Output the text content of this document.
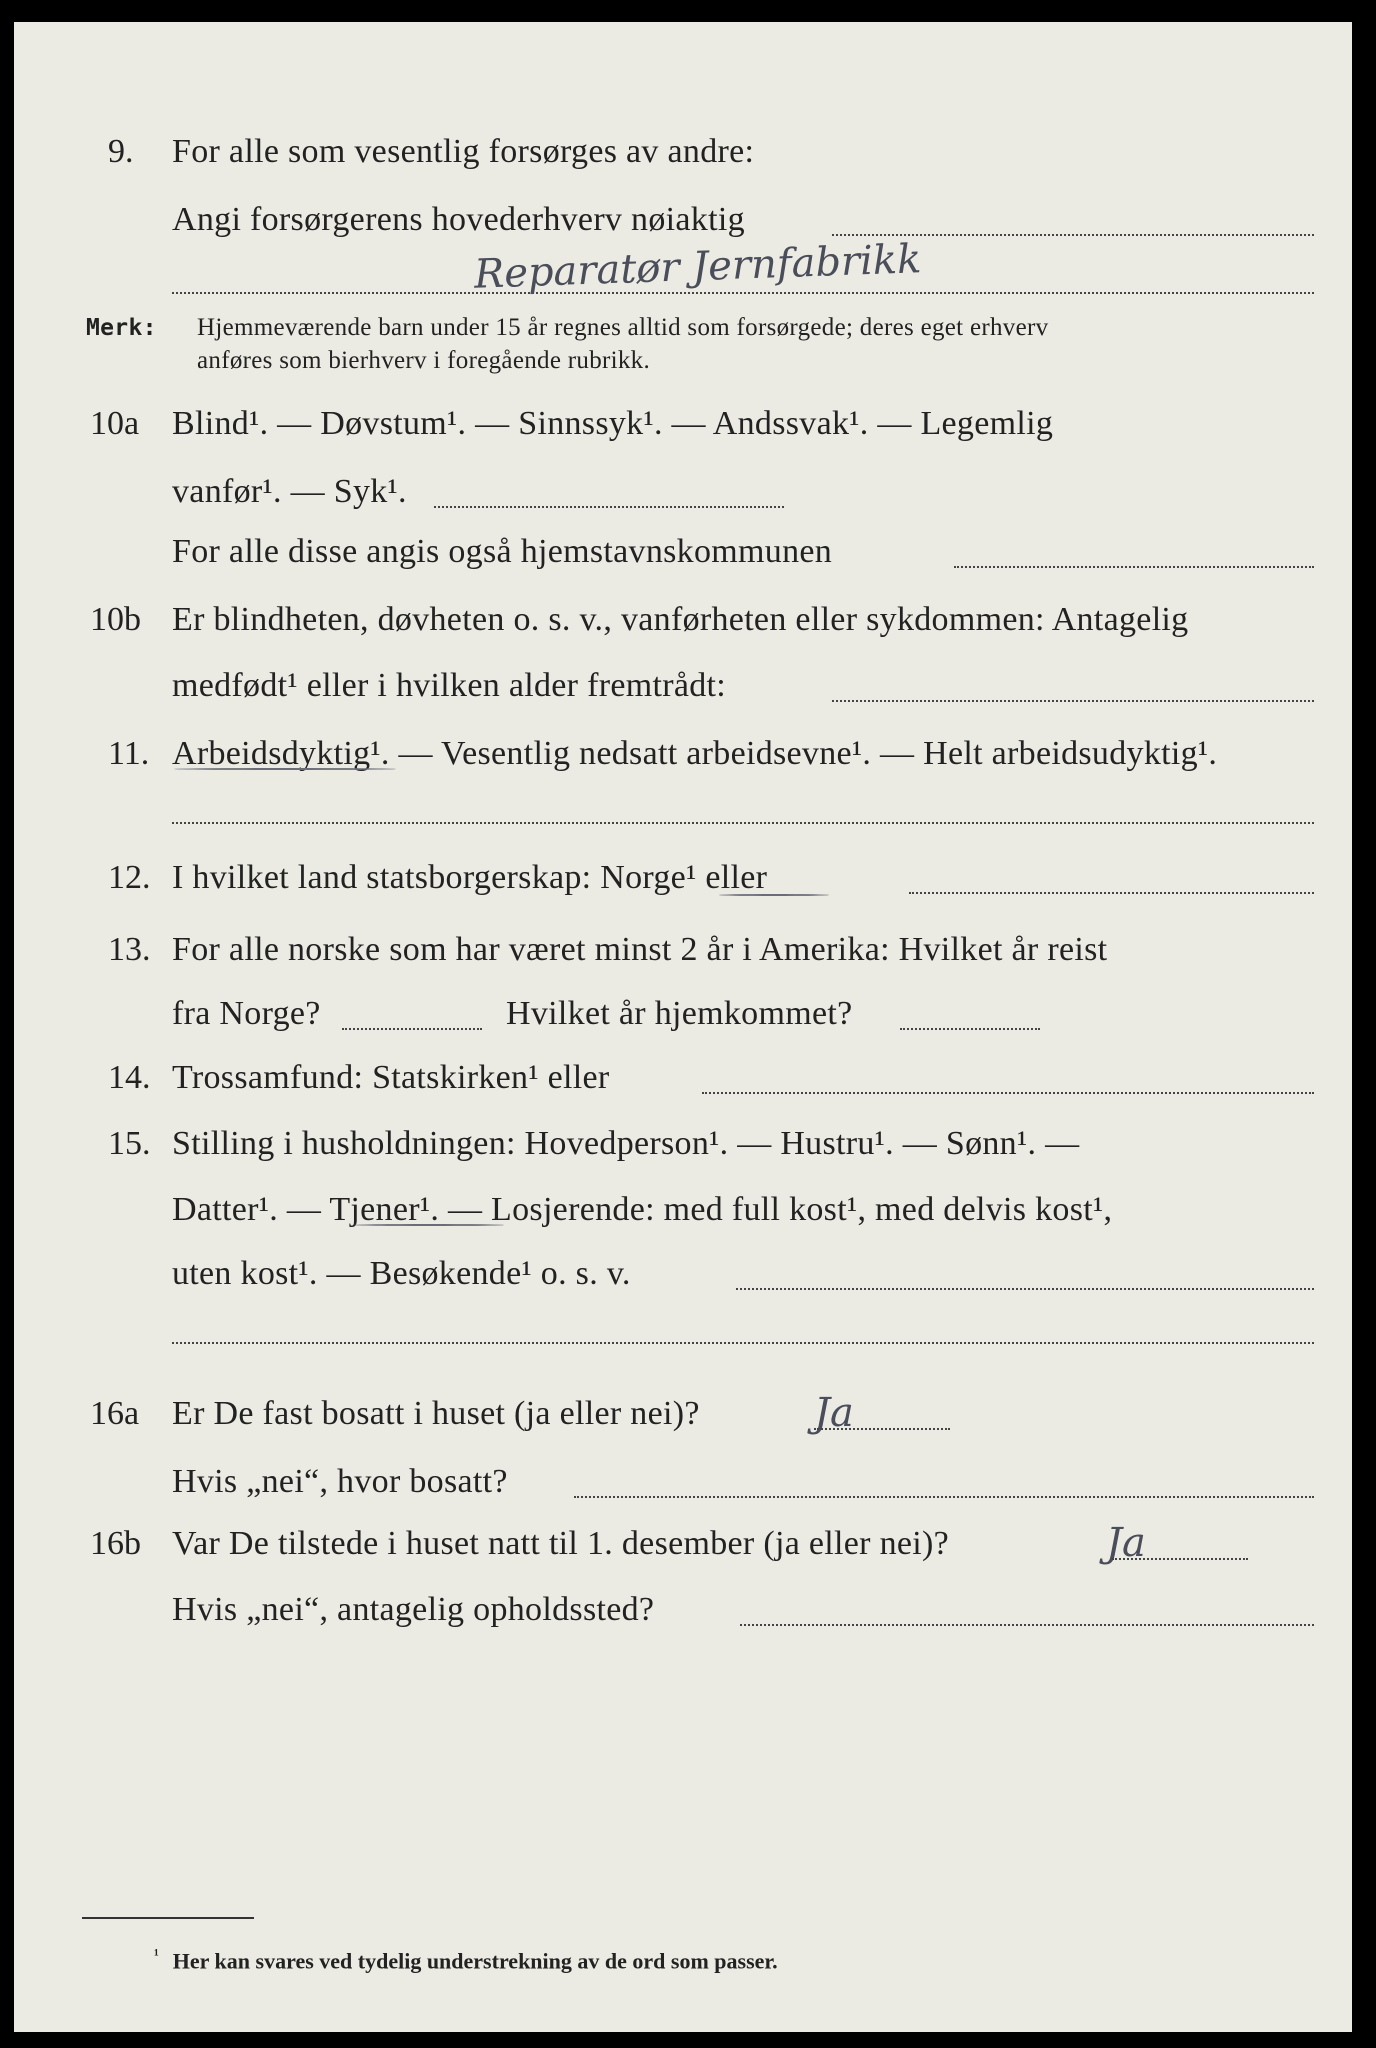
9. For alle som vesentlig forsørges av andre:
Angi forsørgerens hovederhverv nøiaktig
Reparatør Jernfabrikk
Merk: Hjemmeværende barn under 15 år regnes alltid som forsørgede; deres eget erhverv
anføres som bierhverv i foregående rubrikk.
10a Blind¹. — Døvstum¹. — Sinnssyk¹. — Andssvak¹. — Legemlig
vanfør¹. — Syk¹.
For alle disse angis også hjemstavnskommunen
10b Er blindheten, døvheten o. s. v., vanførheten eller sykdommen: Antagelig
medfødt¹ eller i hvilken alder fremtrådt:
11. Arbeidsdyktig¹. — Vesentlig nedsatt arbeidsevne¹. — Helt arbeidsudyktig¹.
12. I hvilket land statsborgerskap: Norge¹ eller
13. For alle norske som har været minst 2 år i Amerika: Hvilket år reist
fra Norge?	Hvilket år hjemkommet?
14. Trossamfund: Statskirken¹ eller
15. Stilling i husholdningen: Hovedperson¹. — Hustru¹. — Sønn¹. —
Datter¹. — Tjener¹. — Losjerende: med full kost¹, med delvis kost¹,
uten kost¹. — Besøkende¹ o. s. v.
16a Er De fast bosatt i huset (ja eller nei)?	Ja
Hvis „nei“, hvor bosatt?
16b Var De tilstede i huset natt til 1. desember (ja eller nei)?	Ja
Hvis „nei“, antagelig opholdssted?
$^{^1}$ Her kan svares ved tydelig understrekning av de ord som passer.
